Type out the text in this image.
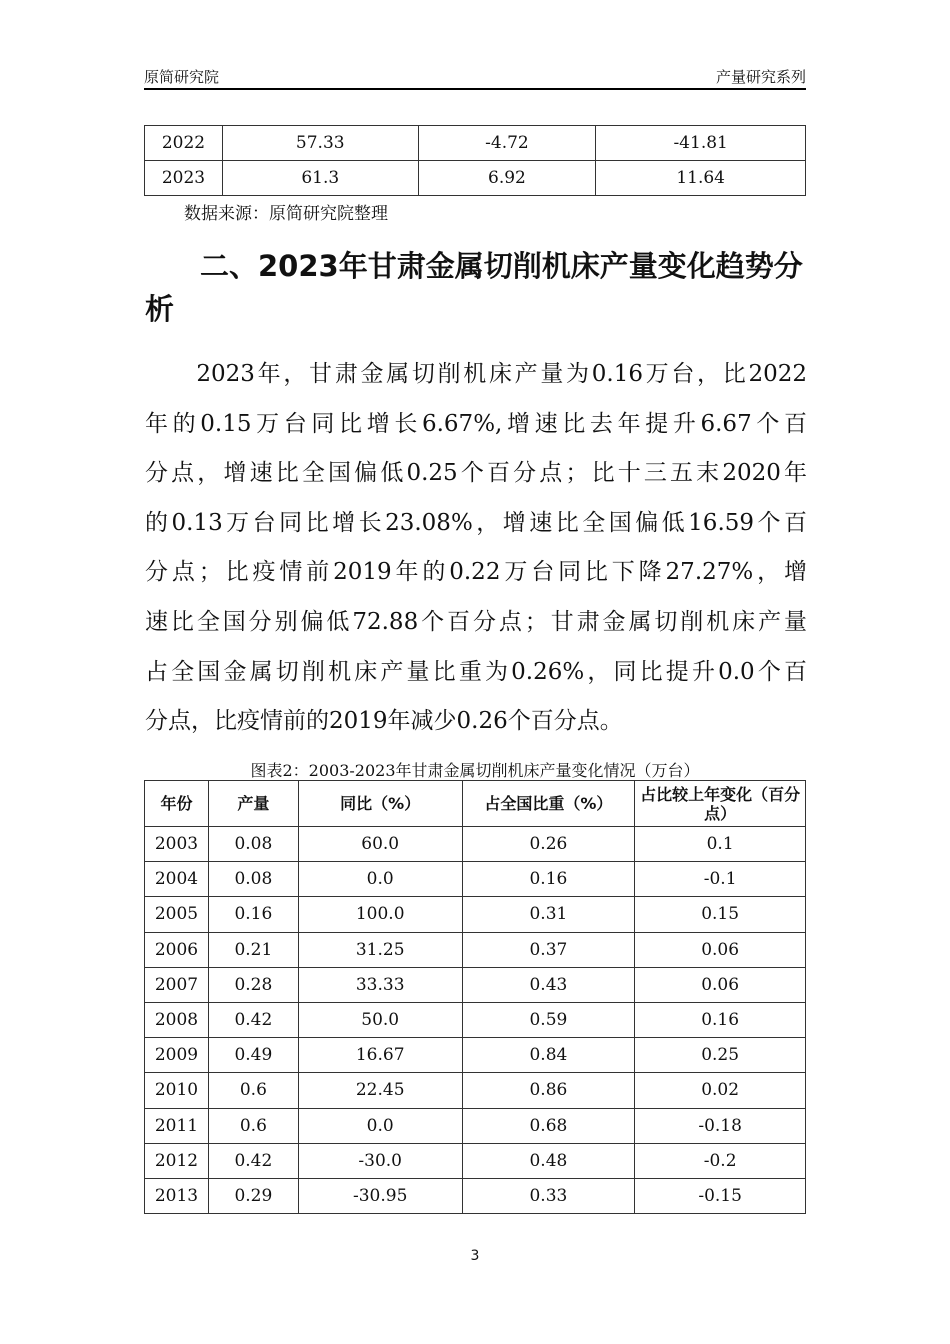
原简研究院	产量研究系列
2022	57.33	-4.72	-41.81
2023	61.3	6.92	11.64
数据来源：原简研究院整理
二、2023年甘肃金属切削机床产量变化趋势分
析
　　2023年，甘肃金属切削机床产量为0.16万台，比2022
年的0.15万台同比增长6.67%,增速比去年提升6.67个百
分点，增速比全国偏低0.25个百分点；比十三五末2020年
的0.13万台同比增长23.08%，增速比全国偏低16.59个百
分点；比疫情前2019年的0.22万台同比下降27.27%，增
速比全国分别偏低72.88个百分点；甘肃金属切削机床产量
占全国金属切削机床产量比重为0.26%，同比提升0.0个百
分点，比疫情前的2019年减少0.26个百分点。
图表2：2003-2023年甘肃金属切削机床产量变化情况（万台）
年份	产量	同比（%）	占全国比重（%）	占比较上年变化（百分点）
2003	0.08	60.0	0.26	0.1
2004	0.08	0.0	0.16	-0.1
2005	0.16	100.0	0.31	0.15
2006	0.21	31.25	0.37	0.06
2007	0.28	33.33	0.43	0.06
2008	0.42	50.0	0.59	0.16
2009	0.49	16.67	0.84	0.25
2010	0.6	22.45	0.86	0.02
2011	0.6	0.0	0.68	-0.18
2012	0.42	-30.0	0.48	-0.2
2013	0.29	-30.95	0.33	-0.15
3
